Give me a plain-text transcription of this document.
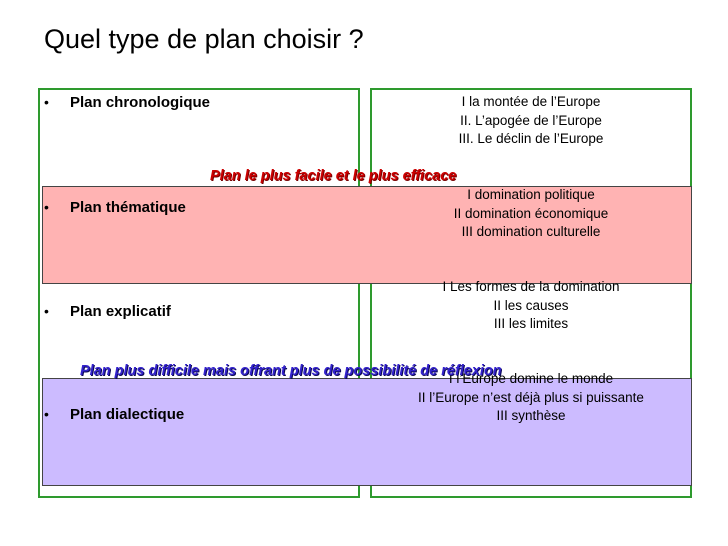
Quel type de plan choisir ?
• Plan chronologique	I la montée de l’Europe
II. L’apogée de l’Europe
III. Le déclin de l’Europe
• Plan thématique
I domination politique
II domination économique
III domination culturelle
• Plan explicatif
I Les formes de la domination
II les causes
III les limites
• Plan dialectique
I l’Europe domine le monde
II l’Europe n’est déjà plus si puissante
III synthèse
Plan le plus facile et le plus efficace
Plan plus difficile mais offrant plus de possibilité de réflexion
